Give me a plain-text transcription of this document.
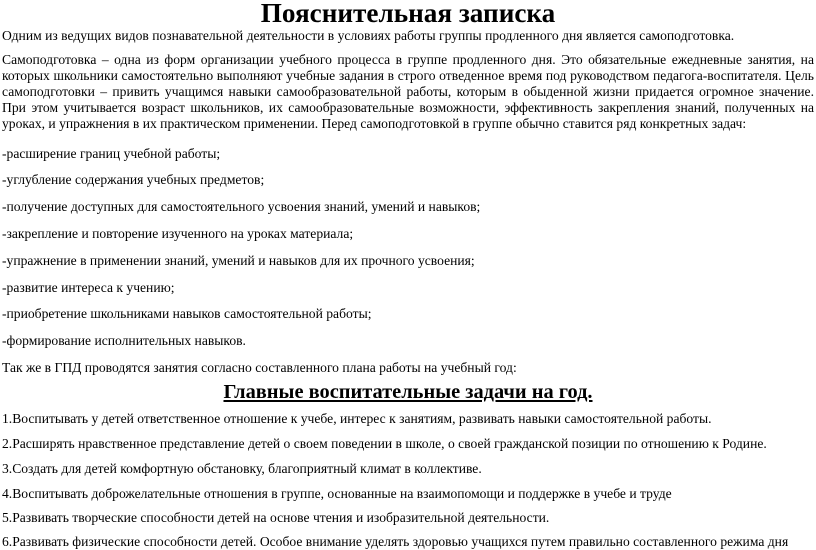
Пояснительная записка

Одним из ведущих видов познавательной деятельности в условиях работы группы продленного дня является самоподготовка.

Самоподготовка – одна из форм организации учебного процесса в группе продленного дня. Это обязательные ежедневные занятия, на которых школьники самостоятельно выполняют учебные задания в строго отведенное время под руководством педагога-воспитателя. Цель самоподготовки – привить учащимся навыки самообразовательной работы, которым в обыденной жизни придается огромное значение. При этом учитывается возраст школьников, их самообразовательные возможности, эффективность закрепления знаний, полученных на уроках, и упражнения в их практическом применении. Перед самоподготовкой в группе обычно ставится ряд конкретных задач:

-расширение границ учебной работы;

-углубление содержания учебных предметов;

-получение доступных для самостоятельного усвоения знаний, умений и навыков;

-закрепление и повторение изученного на уроках материала;

-упражнение в применении знаний, умений и навыков для их прочного усвоения;

-развитие интереса к учению;

-приобретение школьниками навыков самостоятельной работы;

-формирование исполнительных навыков.

Так же в ГПД проводятся занятия согласно составленного плана работы на учебный год:

Главные воспитательные задачи на год.

1.Воспитывать у детей ответственное отношение к учебе, интерес к занятиям, развивать навыки самостоятельной работы.

2.Расширять нравственное представление детей о своем поведении в школе, о своей гражданской позиции по отношению к Родине.

3.Создать для детей комфортную обстановку, благоприятный климат в коллективе.

4.Воспитывать доброжелательные отношения в группе, основанные на взаимопомощи и поддержке в учебе и труде

5.Развивать творческие способности детей на основе чтения и изобразительной деятельности.

6.Развивать физические способности детей. Особое внимание уделять здоровью учащихся путем правильно составленного режима дня
